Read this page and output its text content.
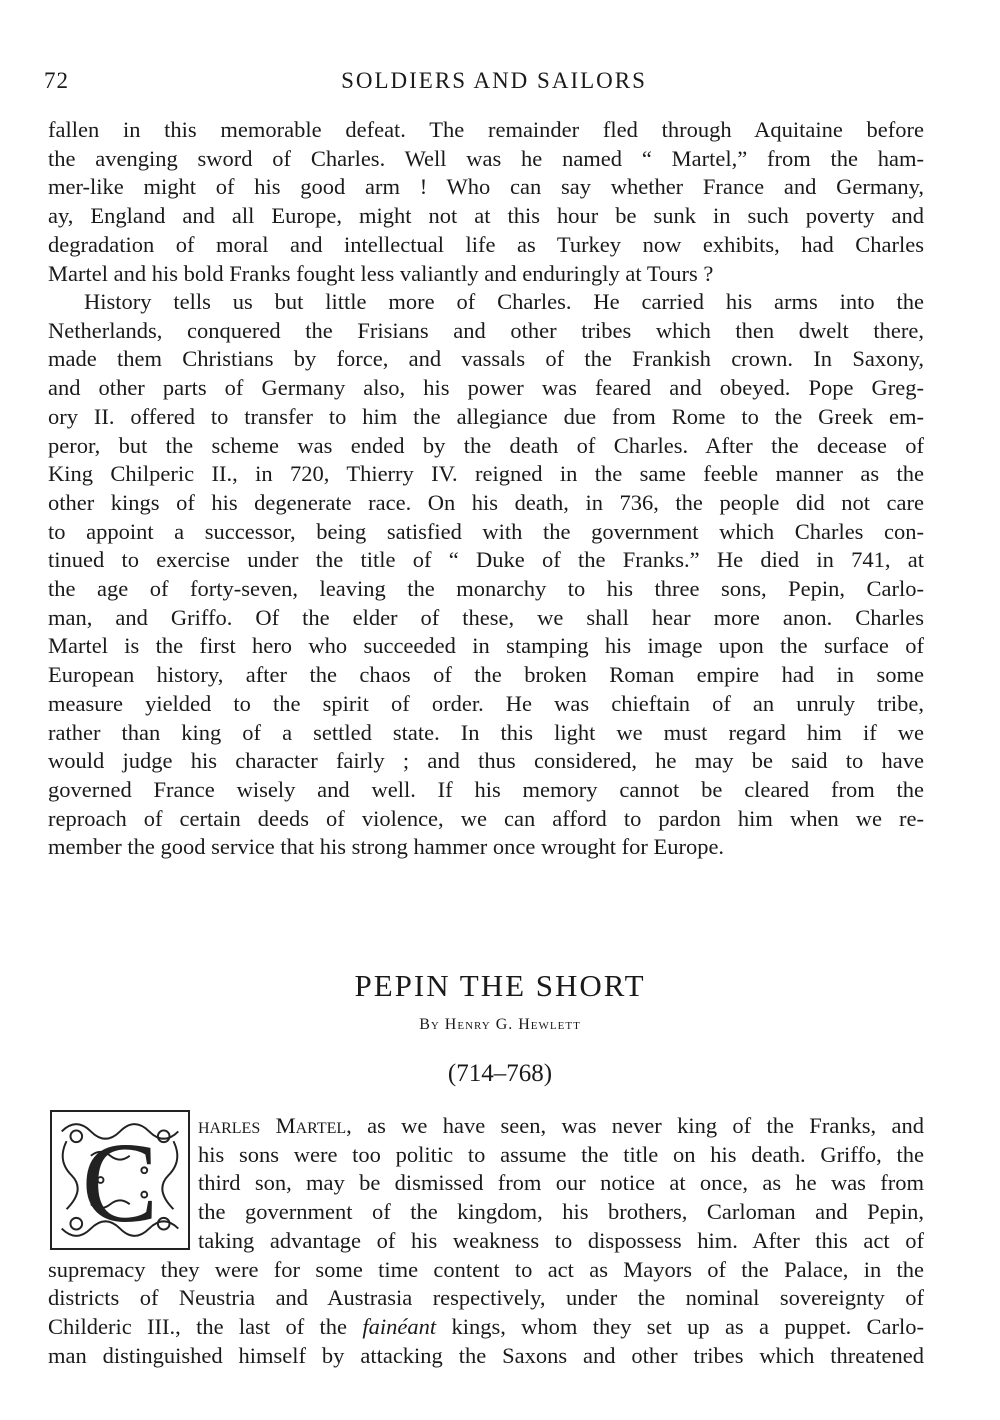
72	SOLDIERS AND SAILORS
fallen in this memorable defeat. The remainder fled through Aquitaine before
the avenging sword of Charles. Well was he named “ Martel,” from the ham-
mer-like might of his good arm ! Who can say whether France and Germany,
ay, England and all Europe, might not at this hour be sunk in such poverty and
degradation of moral and intellectual life as Turkey now exhibits, had Charles
Martel and his bold Franks fought less valiantly and enduringly at Tours ?
History tells us but little more of Charles. He carried his arms into the
Netherlands, conquered the Frisians and other tribes which then dwelt there,
made them Christians by force, and vassals of the Frankish crown. In Saxony,
and other parts of Germany also, his power was feared and obeyed. Pope Greg-
ory II. offered to transfer to him the allegiance due from Rome to the Greek em-
peror, but the scheme was ended by the death of Charles. After the decease of
King Chilperic II., in 720, Thierry IV. reigned in the same feeble manner as the
other kings of his degenerate race. On his death, in 736, the people did not care
to appoint a successor, being satisfied with the government which Charles con-
tinued to exercise under the title of “ Duke of the Franks.” He died in 741, at
the age of forty-seven, leaving the monarchy to his three sons, Pepin, Carlo-
man, and Griffo. Of the elder of these, we shall hear more anon. Charles
Martel is the first hero who succeeded in stamping his image upon the surface of
European history, after the chaos of the broken Roman empire had in some
measure yielded to the spirit of order. He was chieftain of an unruly tribe,
rather than king of a settled state. In this light we must regard him if we
would judge his character fairly ; and thus considered, he may be said to have
governed France wisely and well. If his memory cannot be cleared from the
reproach of certain deeds of violence, we can afford to pardon him when we re-
member the good service that his strong hammer once wrought for Europe.
PEPIN THE SHORT
By Henry G. Hewlett
(714–768)
C harles Martel, as we have seen, was never king of the Franks, and
his sons were too politic to assume the title on his death. Griffo, the
third son, may be dismissed from our notice at once, as he was from
the government of the kingdom, his brothers, Carloman and Pepin,
taking advantage of his weakness to dispossess him. After this act of
supremacy they were for some time content to act as Mayors of the Palace, in the
districts of Neustria and Austrasia respectively, under the nominal sovereignty of
Childeric III., the last of the fainéant kings, whom they set up as a puppet. Carlo-
man distinguished himself by attacking the Saxons and other tribes which threatened
